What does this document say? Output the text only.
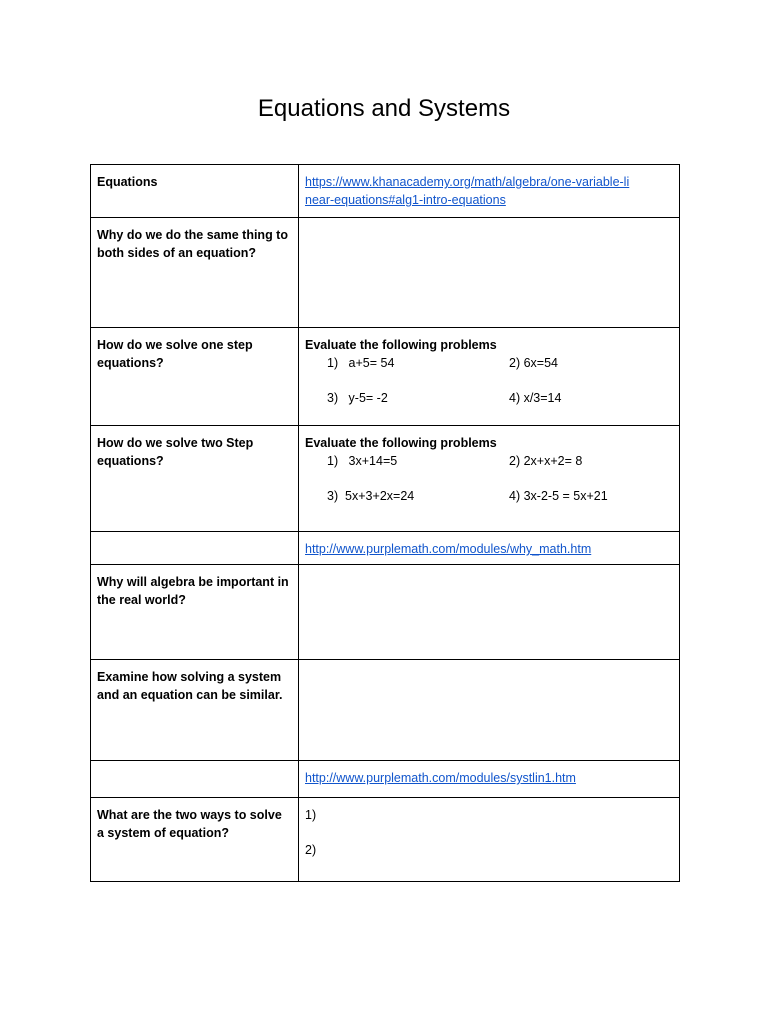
Equations and Systems
Equations	https://www.khanacademy.org/math/algebra/one-variable-li
near-equations#alg1-intro-equations
Why do we do the same thing to both sides of an equation?	
How do we solve one step equations?	Evaluate the following problems
1)   a+5= 54 2) 6x=54
3)   y-5= -2 4) x/3=14

How do we solve two Step equations?	Evaluate the following problems
1)   3x+14=5 2) 2x+x+2= 8
3)  5x+3+2x=24 4) 3x-2-5 = 5x+21

	http://www.purplemath.com/modules/why_math.htm
Why will algebra be important in the real world?	
Examine how solving a system and an equation can be similar.	
	http://www.purplemath.com/modules/systlin1.htm
What are the two ways to solve a system of equation?	1)
2)
